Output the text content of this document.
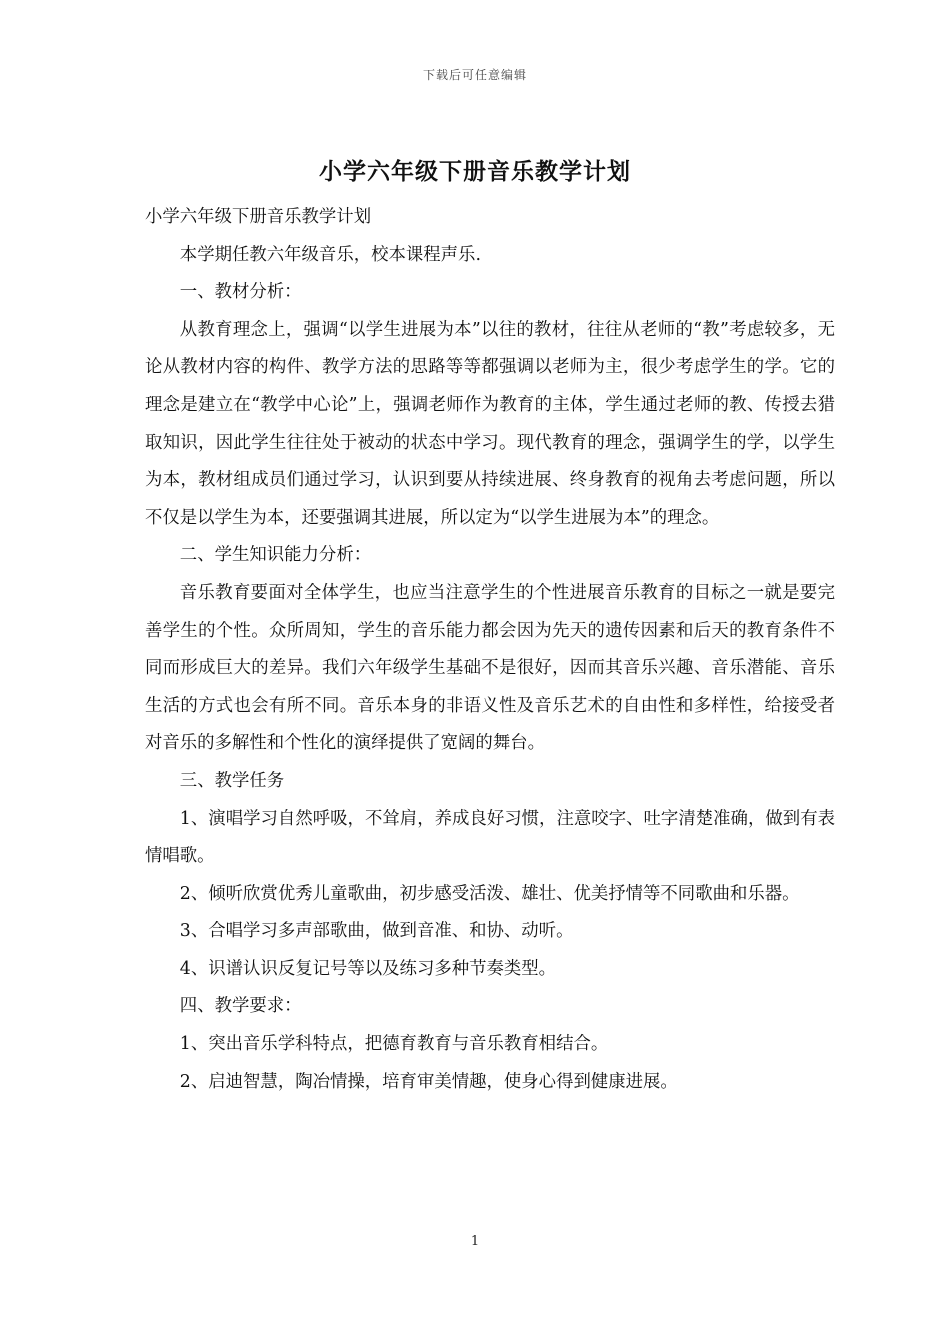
下载后可任意编辑
小学六年级下册音乐教学计划

小学六年级下册音乐教学计划

本学期任教六年级音乐，校本课程声乐.

一、教材分析：

从教育理念上，强调“以学生进展为本”以往的教材，往往从老师的“教”考虑较多，无论从教材内容的构件、教学方法的思路等等都强调以老师为主，很少考虑学生的学。它的理念是建立在“教学中心论”上，强调老师作为教育的主体，学生通过老师的教、传授去猎取知识，因此学生往往处于被动的状态中学习。现代教育的理念，强调学生的学，以学生为本，教材组成员们通过学习，认识到要从持续进展、终身教育的视角去考虑问题，所以不仅是以学生为本，还要强调其进展，所以定为“以学生进展为本”的理念。

二、学生知识能力分析：

音乐教育要面对全体学生，也应当注意学生的个性进展音乐教育的目标之一就是要完善学生的个性。众所周知，学生的音乐能力都会因为先天的遗传因素和后天的教育条件不同而形成巨大的差异。我们六年级学生基础不是很好，因而其音乐兴趣、音乐潜能、音乐生活的方式也会有所不同。音乐本身的非语义性及音乐艺术的自由性和多样性，给接受者对音乐的多解性和个性化的演绎提供了宽阔的舞台。

三、教学任务

1、演唱学习自然呼吸，不耸肩，养成良好习惯，注意咬字、吐字清楚准确，做到有表情唱歌。

2、倾听欣赏优秀儿童歌曲，初步感受活泼、雄壮、优美抒情等不同歌曲和乐器。

3、合唱学习多声部歌曲，做到音准、和协、动听。

4、识谱认识反复记号等以及练习多种节奏类型。

四、教学要求：

1、突出音乐学科特点，把德育教育与音乐教育相结合。

2、启迪智慧，陶冶情操，培育审美情趣，使身心得到健康进展。

1
